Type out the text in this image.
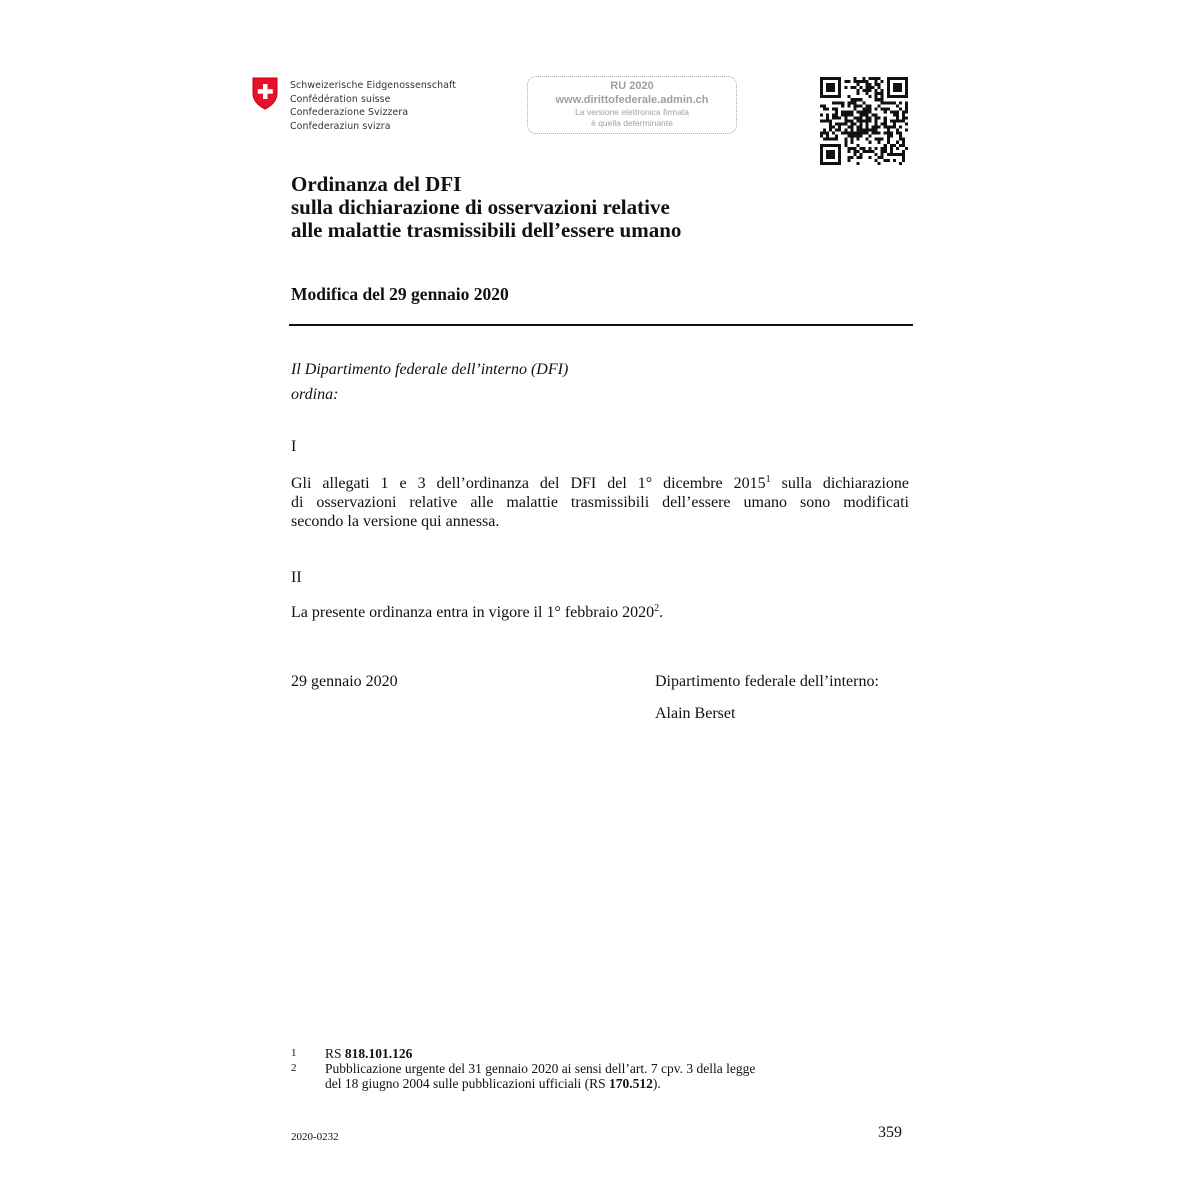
Schweizerische Eidgenossenschaft
Confédération suisse
Confederazione Svizzera
Confederaziun svizra
RU 2020
www.dirittofederale.admin.ch
La versione elettronica firmata
è quella determinante
Ordinanza del DFI
sulla dichiarazione di osservazioni relative
alle malattie trasmissibili dell’essere umano
Modifica del 29 gennaio 2020
Il Dipartimento federale dell’interno (DFI)
ordina:
I
Gli allegati 1 e 3 dell’ordinanza del DFI del 1° dicembre 2015$^1$ sulla dichiarazione
di osservazioni relative alle malattie trasmissibili dell’essere umano sono modificati
secondo la versione qui annessa.
II
La presente ordinanza entra in vigore il 1° febbraio 2020$^2$.
29 gennaio 2020	Dipartimento federale dell’interno:
Alain Berset
1	RS 818.101.126
2	Pubblicazione urgente del 31 gennaio 2020 ai sensi dell’art. 7 cpv. 3 della legge
del 18 giugno 2004 sulle pubblicazioni ufficiali (RS 170.512).
2020-0232	359
